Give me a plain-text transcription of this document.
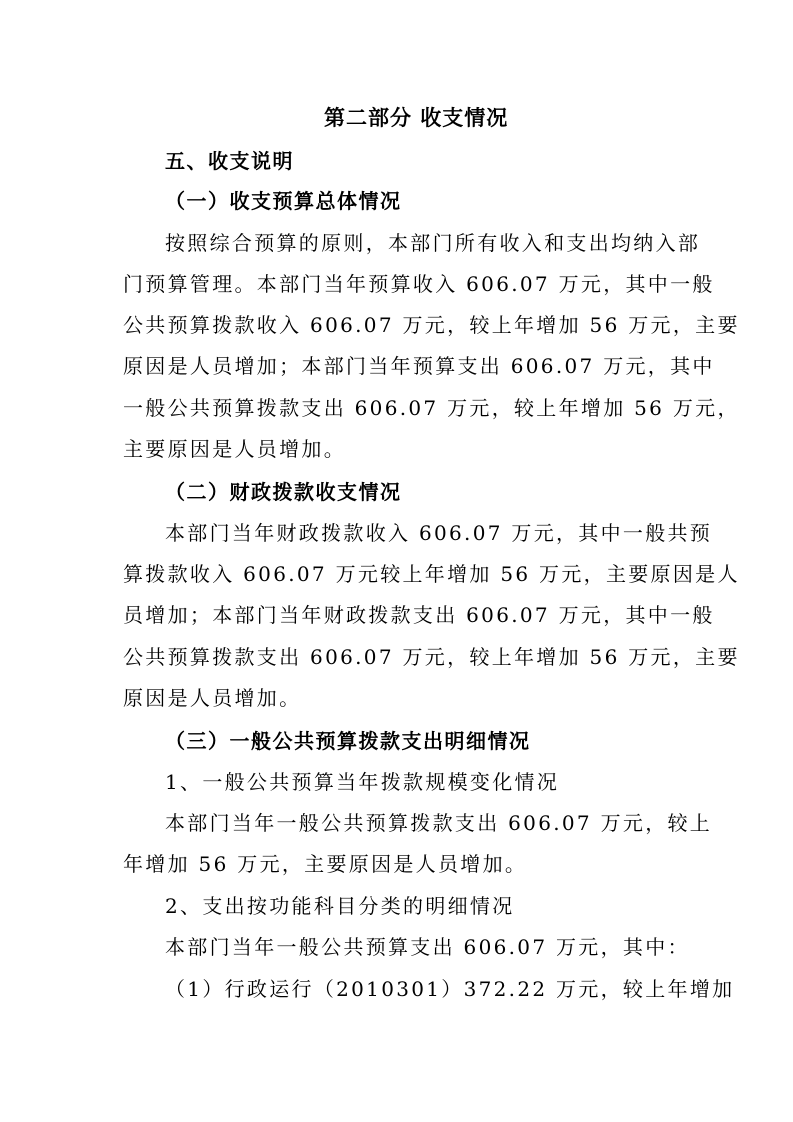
第二部分 收支情况
五、收支说明
（一）收支预算总体情况
按照综合预算的原则，本部门所有收入和支出均纳入部
门预算管理。本部门当年预算收入 606.07 万元，其中一般
公共预算拨款收入 606.07 万元，较上年增加 56 万元，主要
原因是人员增加；本部门当年预算支出 606.07 万元，其中
一般公共预算拨款支出 606.07 万元，较上年增加 56 万元，
主要原因是人员增加。
（二）财政拨款收支情况
本部门当年财政拨款收入 606.07 万元，其中一般共预
算拨款收入 606.07 万元较上年增加 56 万元，主要原因是人
员增加；本部门当年财政拨款支出 606.07 万元，其中一般
公共预算拨款支出 606.07 万元，较上年增加 56 万元，主要
原因是人员增加。
（三）一般公共预算拨款支出明细情况
1、一般公共预算当年拨款规模变化情况
本部门当年一般公共预算拨款支出 606.07 万元，较上
年增加 56 万元，主要原因是人员增加。
2、支出按功能科目分类的明细情况
本部门当年一般公共预算支出 606.07 万元，其中：
（1）行政运行（2010301）372.22 万元，较上年增加
